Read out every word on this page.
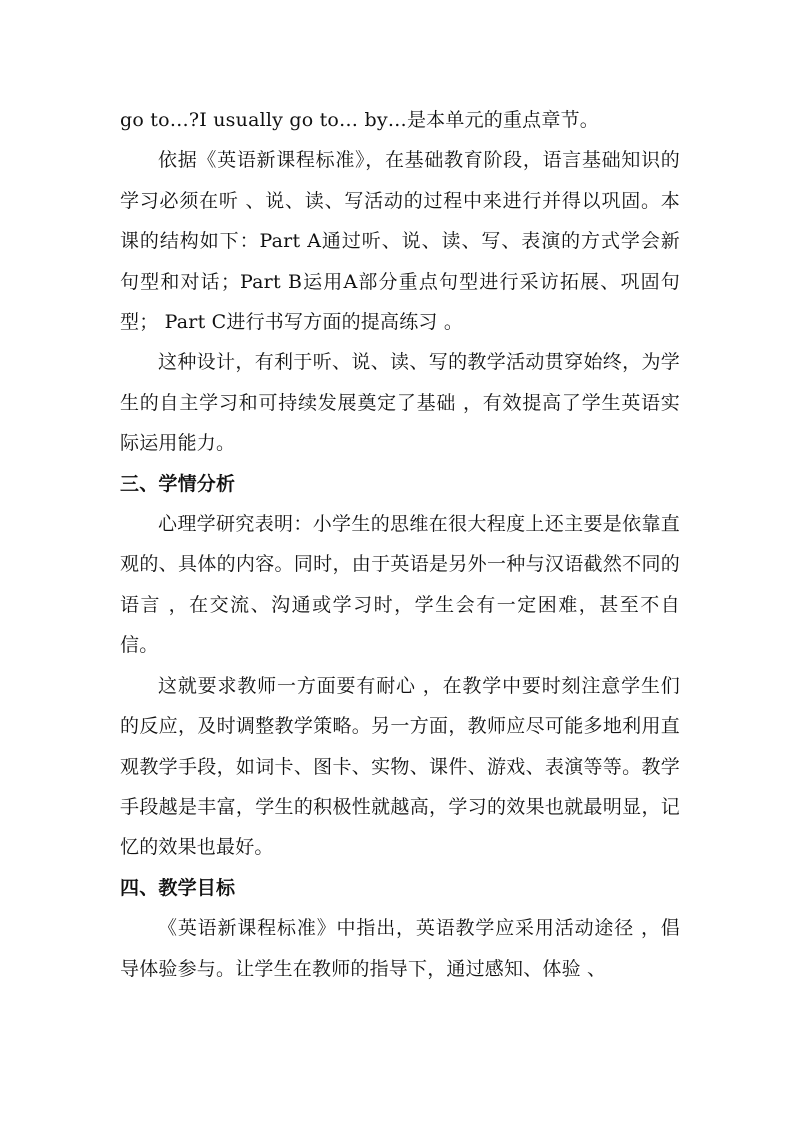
go to…?I usually go to… by…是本单元的重点章节。

依据《英语新课程标准》，在基础教育阶段，语言基础知识的学习必须在听 、说、读、写活动的过程中来进行并得以巩固。本课的结构如下：Part A通过听、说、读、写、表演的方式学会新句型和对话；Part B运用A部分重点句型进行采访拓展、巩固句型； Part C进行书写方面的提高练习 。

这种设计，有利于听、说、读、写的教学活动贯穿始终，为学生的自主学习和可持续发展奠定了基础 ，有效提高了学生英语实际运用能力。

三、学情分析

心理学研究表明：小学生的思维在很大程度上还主要是依靠直观的、具体的内容。同时，由于英语是另外一种与汉语截然不同的语言 ，在交流、沟通或学习时，学生会有一定困难，甚至不自信。

这就要求教师一方面要有耐心 ，在教学中要时刻注意学生们的反应，及时调整教学策略。另一方面，教师应尽可能多地利用直观教学手段，如词卡、图卡、实物、课件、游戏、表演等等。教学手段越是丰富，学生的积极性就越高，学习的效果也就最明显，记忆的效果也最好。

四、教学目标

《英语新课程标准》中指出，英语教学应采用活动途径 ，倡导体验参与。让学生在教师的指导下，通过感知、体验 、
